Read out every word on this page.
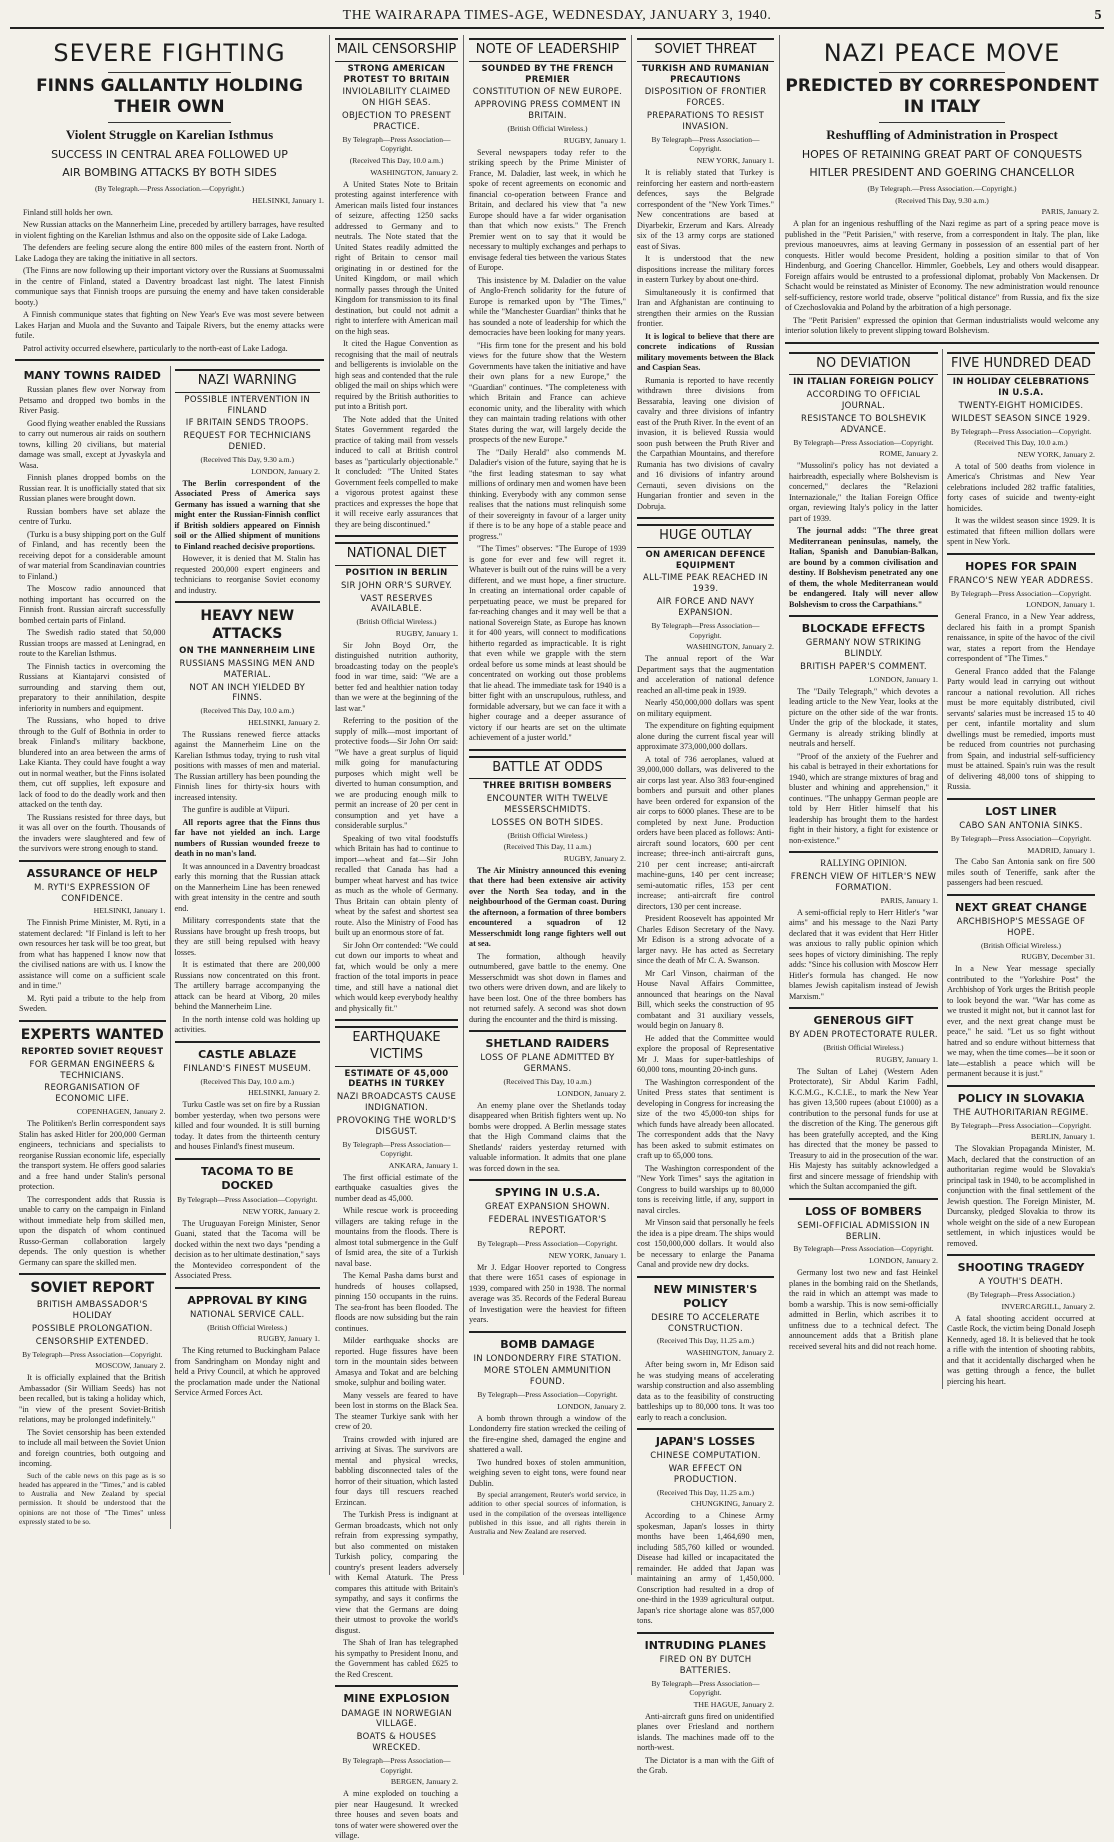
THE WAIRARAPA TIMES-AGE, WEDNESDAY, JANUARY 3, 1940.	5
SEVERE FIGHTING
FINNS GALLANTLY HOLDING THEIR OWN
Violent Struggle on Karelian Isthmus
SUCCESS IN CENTRAL AREA FOLLOWED UP
AIR BOMBING ATTACKS BY BOTH SIDES
(By Telegraph.—Press Association.—Copyright.)
HELSINKI, January 1.

Finland still holds her own.

New Russian attacks on the Mannerheim Line, preceded by artillery barrages, have resulted in violent fighting on the Karelian Isthmus and also on the opposite side of Lake Ladoga.

The defenders are feeling secure along the entire 800 miles of the eastern front. North of Lake Ladoga they are taking the initiative in all sectors.

(The Finns are now following up their important victory over the Russians at Suomussalmi in the centre of Finland, stated a Daventry broadcast last night. The latest Finnish communique says that Finnish troops are pursuing the enemy and have taken considerable booty.)

A Finnish communique states that fighting on New Year's Eve was most severe between Lakes Harjan and Muola and the Suvanto and Taipale Rivers, but the enemy attacks were futile.

Patrol activity occurred elsewhere, particularly to the north-east of Lake Ladoga.

MANY TOWNS RAIDED

Russian planes flew over Norway from Petsamo and dropped two bombs in the River Pasig.

Good flying weather enabled the Russians to carry out numerous air raids on southern towns, killing 20 civilians, but material damage was small, except at Jyvaskyla and Wasa.

Finnish planes dropped bombs on the Russian rear. It is unofficially stated that six Russian planes were brought down.

Russian bombers have set ablaze the centre of Turku.

(Turku is a busy shipping port on the Gulf of Finland, and has recently been the receiving depot for a considerable amount of war material from Scandinavian countries to Finland.)

The Moscow radio announced that nothing important has occurred on the Finnish front. Russian aircraft successfully bombed certain parts of Finland.

The Swedish radio stated that 50,000 Russian troops are massed at Leningrad, en route to the Karelian Isthmus.

The Finnish tactics in overcoming the Russians at Kiantajarvi consisted of surrounding and starving them out, preparatory to their annihilation, despite inferiority in numbers and equipment.

The Russians, who hoped to drive through to the Gulf of Bothnia in order to break Finland's military backbone, blundered into an area between the arms of Lake Kianta. They could have fought a way out in normal weather, but the Finns isolated them, cut off supplies, left exposure and lack of food to do the deadly work and then attacked on the tenth day.

The Russians resisted for three days, but it was all over on the fourth. Thousands of the invaders were slaughtered and few of the survivors were strong enough to stand.

ASSURANCE OF HELP
M. RYTI'S EXPRESSION OF CONFIDENCE.
HELSINKI, January 1.

The Finnish Prime Minister, M. Ryti, in a statement declared: "If Finland is left to her own resources her task will be too great, but from what has happened I know now that the civilised nations are with us. I know the assistance will come on a sufficient scale and in time."

M. Ryti paid a tribute to the help from Sweden.

EXPERTS WANTED
REPORTED SOVIET REQUEST
FOR GERMAN ENGINEERS & TECHNICIANS.
REORGANISATION OF ECONOMIC LIFE.
COPENHAGEN, January 2.

The Politiken's Berlin correspondent says Stalin has asked Hitler for 200,000 German engineers, technicians and specialists to reorganise Russian economic life, especially the transport system. He offers good salaries and a free hand under Stalin's personal protection.

The correspondent adds that Russia is unable to carry on the campaign in Finland without immediate help from skilled men, upon the dispatch of whom continued Russo-German collaboration largely depends. The only question is whether Germany can spare the skilled men.

SOVIET REPORT
BRITISH AMBASSADOR'S HOLIDAY
POSSIBLE PROLONGATION.
CENSORSHIP EXTENDED.
By Telegraph—Press Association—Copyright.
MOSCOW, January 2.

It is officially explained that the British Ambassador (Sir William Seeds) has not been recalled, but is taking a holiday which, "in view of the present Soviet-British relations, may be prolonged indefinitely."

The Soviet censorship has been extended to include all mail between the Soviet Union and foreign countries, both outgoing and incoming.

Such of the cable news on this page as is so headed has appeared in the "Times," and is cabled to Australia and New Zealand by special permission. It should be understood that the opinions are not those of "The Times" unless expressly stated to be so.

NAZI WARNING
POSSIBLE INTERVENTION IN FINLAND
IF BRITAIN SENDS TROOPS.
REQUEST FOR TECHNICIANS DENIED.
(Received This Day, 9.30 a.m.)
LONDON, January 2.

The Berlin correspondent of the Associated Press of America says Germany has issued a warning that she might enter the Russian-Finnish conflict if British soldiers appeared on Finnish soil or the Allied shipment of munitions to Finland reached decisive proportions.

However, it is denied that M. Stalin has requested 200,000 expert engineers and technicians to reorganise Soviet economy and industry.

HEAVY NEW ATTACKS
ON THE MANNERHEIM LINE
RUSSIANS MASSING MEN AND MATERIAL.
NOT AN INCH YIELDED BY FINNS.
(Received This Day, 10.0 a.m.)
HELSINKI, January 2.

The Russians renewed fierce attacks against the Mannerheim Line on the Karelian Isthmus today, trying to rush vital positions with masses of men and material. The Russian artillery has been pounding the Finnish lines for thirty-six hours with increased intensity.

The gunfire is audible at Viipuri.

All reports agree that the Finns thus far have not yielded an inch. Large numbers of Russian wounded freeze to death in no man's land.

It was announced in a Daventry broadcast early this morning that the Russian attack on the Mannerheim Line has been renewed with great intensity in the centre and south end.

Military correspondents state that the Russians have brought up fresh troops, but they are still being repulsed with heavy losses.

It is estimated that there are 200,000 Russians now concentrated on this front. The artillery barrage accompanying the attack can be heard at Viborg, 20 miles behind the Mannerheim Line.

In the north intense cold was holding up activities.

CASTLE ABLAZE
FINLAND'S FINEST MUSEUM.
(Received This Day, 10.0 a.m.)
HELSINKI, January 2.

Turku Castle was set on fire by a Russian bomber yesterday, when two persons were killed and four wounded. It is still burning today. It dates from the thirteenth century and houses Finland's finest museum.

TACOMA TO BE DOCKED
By Telegraph—Press Association—Copyright.
NEW YORK, January 2.

The Uruguayan Foreign Minister, Senor Guani, stated that the Tacoma will be docked within the next two days "pending a decision as to her ultimate destination," says the Montevideo correspondent of the Associated Press.

APPROVAL BY KING
NATIONAL SERVICE CALL.
(British Official Wireless.)
RUGBY, January 1.

The King returned to Buckingham Palace from Sandringham on Monday night and held a Privy Council, at which he approved the proclamation made under the National Service Armed Forces Act.

MAIL CENSORSHIP
STRONG AMERICAN PROTEST TO BRITAIN
INVIOLABILITY CLAIMED ON HIGH SEAS.
OBJECTION TO PRESENT PRACTICE.
By Telegraph—Press Association—Copyright.
(Received This Day, 10.0 a.m.)
WASHINGTON, January 2.

A United States Note to Britain protesting against interference with American mails listed four instances of seizure, affecting 1250 sacks addressed to Germany and to neutrals. The Note stated that the United States readily admitted the right of Britain to censor mail originating in or destined for the United Kingdom, or mail which normally passes through the United Kingdom for transmission to its final destination, but could not admit a right to interfere with American mail on the high seas.

It cited the Hague Convention as recognising that the mail of neutrals and belligerents is inviolable on the high seas and contended that the rule obliged the mail on ships which were required by the British authorities to put into a British port.

The Note added that the United States Government regarded the practice of taking mail from vessels induced to call at British control bases as "particularly objectionable." It concluded: "The United States Government feels compelled to make a vigorous protest against these practices and expresses the hope that it will receive early assurances that they are being discontinued."

NATIONAL DIET
POSITION IN BERLIN
SIR JOHN ORR'S SURVEY.
VAST RESERVES AVAILABLE.
(British Official Wireless.)
RUGBY, January 1.

Sir John Boyd Orr, the distinguished nutrition authority, broadcasting today on the people's food in war time, said: "We are a better fed and healthier nation today than we were at the beginning of the last war."

Referring to the position of the supply of milk—most important of protective foods—Sir John Orr said: "We have a great surplus of liquid milk going for manufacturing purposes which might well be diverted to human consumption, and we are producing enough milk to permit an increase of 20 per cent in consumption and yet have a considerable surplus."

Speaking of two vital foodstuffs which Britain has had to continue to import—wheat and fat—Sir John recalled that Canada has had a bumper wheat harvest and has twice as much as the whole of Germany. Thus Britain can obtain plenty of wheat by the safest and shortest sea route. Also the Ministry of Food has built up an enormous store of fat.

Sir John Orr contended: "We could cut down our imports to wheat and fat, which would be only a mere fraction of the total imports in peace time, and still have a national diet which would keep everybody healthy and physically fit."

EARTHQUAKE VICTIMS
ESTIMATE OF 45,000 DEATHS IN TURKEY
NAZI BROADCASTS CAUSE INDIGNATION.
PROVOKING THE WORLD'S DISGUST.
By Telegraph—Press Association—Copyright.
ANKARA, January 1.

The first official estimate of the earthquake casualties gives the number dead as 45,000.

While rescue work is proceeding villagers are taking refuge in the mountains from the floods. There is almost total submergence in the Gulf of Ismid area, the site of a Turkish naval base.

The Kemal Pasha dams burst and hundreds of houses collapsed, pinning 150 occupants in the ruins. The sea-front has been flooded. The floods are now subsiding but the rain continues.

Milder earthquake shocks are reported. Huge fissures have been torn in the mountain sides between Amasya and Tokat and are belching smoke, sulphur and boiling water.

Many vessels are feared to have been lost in storms on the Black Sea. The steamer Turkiye sank with her crew of 20.

Trains crowded with injured are arriving at Sivas. The survivors are mental and physical wrecks, babbling disconnected tales of the horror of their situation, which lasted four days till rescuers reached Erzincan.

The Turkish Press is indignant at German broadcasts, which not only refrain from expressing sympathy, but also commented on mistaken Turkish policy, comparing the country's present leaders adversely with Kemal Ataturk. The Press compares this attitude with Britain's sympathy, and says it confirms the view that the Germans are doing their utmost to provoke the world's disgust.

The Shah of Iran has telegraphed his sympathy to President Inonu, and the Government has cabled £625 to the Red Crescent.

MINE EXPLOSION
DAMAGE IN NORWEGIAN VILLAGE.
BOATS & HOUSES WRECKED.
By Telegraph—Press Association—Copyright.
BERGEN, January 2.

A mine exploded on touching a pier near Haugesund. It wrecked three houses and seven boats and tons of water were showered over the village.

NOTE OF LEADERSHIP
SOUNDED BY THE FRENCH PREMIER
CONSTITUTION OF NEW EUROPE.
APPROVING PRESS COMMENT IN BRITAIN.
(British Official Wireless.)
RUGBY, January 1.

Several newspapers today refer to the striking speech by the Prime Minister of France, M. Daladier, last week, in which he spoke of recent agreements on economic and financial co-operation between France and Britain, and declared his view that "a new Europe should have a far wider organisation than that which now exists." The French Premier went on to say that it would be necessary to multiply exchanges and perhaps to envisage federal ties between the various States of Europe.

This insistence by M. Daladier on the value of Anglo-French solidarity for the future of Europe is remarked upon by "The Times," while the "Manchester Guardian" thinks that he has sounded a note of leadership for which the democracies have been looking for many years.

"His firm tone for the present and his bold views for the future show that the Western Governments have taken the initiative and have their own plans for a new Europe," the "Guardian" continues. "The completeness with which Britain and France can achieve economic unity, and the liberality with which they can maintain trading relations with other States during the war, will largely decide the prospects of the new Europe."

The "Daily Herald" also commends M. Daladier's vision of the future, saying that he is "the first leading statesman to say what millions of ordinary men and women have been thinking. Everybody with any common sense realises that the nations must relinquish some of their sovereignty in favour of a larger unity if there is to be any hope of a stable peace and progress."

"The Times" observes: "The Europe of 1939 is gone for ever and few will regret it. Whatever is built out of the ruins will be a very different, and we must hope, a finer structure. In creating an international order capable of perpetuating peace, we must be prepared for far-reaching changes and it may well be that a national Sovereign State, as Europe has known it for 400 years, will connect to modifications hitherto regarded as impracticable. It is right that even while we grapple with the stern ordeal before us some minds at least should be concentrated on working out those problems that lie ahead. The immediate task for 1940 is a bitter fight with an unscrupulous, ruthless, and formidable adversary, but we can face it with a higher courage and a deeper assurance of victory if our hearts are set on the ultimate achievement of a juster world."

BATTLE AT ODDS
THREE BRITISH BOMBERS
ENCOUNTER WITH TWELVE MESSERSCHMIDTS.
LOSSES ON BOTH SIDES.
(British Official Wireless.)
(Received This Day, 11 a.m.)
RUGBY, January 2.

The Air Ministry announced this evening that there had been extensive air activity over the North Sea today, and in the neighbourhood of the German coast. During the afternoon, a formation of three bombers encountered a squadron of 12 Messerschmidt long range fighters well out at sea.

The formation, although heavily outnumbered, gave battle to the enemy. One Messerschmidt was shot down in flames and two others were driven down, and are likely to have been lost. One of the three bombers has not returned safely. A second was shot down during the encounter and the third is missing.

SHETLAND RAIDERS
LOSS OF PLANE ADMITTED BY GERMANS.
(Received This Day, 10 a.m.)
LONDON, January 2.

An enemy plane over the Shetlands today disappeared when British fighters went up. No bombs were dropped. A Berlin message states that the High Command claims that the Shetlands' raiders yesterday returned with valuable information. It admits that one plane was forced down in the sea.

SPYING IN U.S.A.
GREAT EXPANSION SHOWN.
FEDERAL INVESTIGATOR'S REPORT.
By Telegraph—Press Association—Copyright.
NEW YORK, January 1.

Mr J. Edgar Hoover reported to Congress that there were 1651 cases of espionage in 1939, compared with 250 in 1938. The normal average was 35. Records of the Federal Bureau of Investigation were the heaviest for fifteen years.

BOMB DAMAGE
IN LONDONDERRY FIRE STATION.
MORE STOLEN AMMUNITION FOUND.
By Telegraph—Press Association—Copyright.
LONDON, January 2.

A bomb thrown through a window of the Londonderry fire station wrecked the ceiling of the fire-engine shed, damaged the engine and shattered a wall.

Two hundred boxes of stolen ammunition, weighing seven to eight tons, were found near Dublin.

By special arrangement, Reuter's world service, in addition to other special sources of information, is used in the compilation of the overseas intelligence published in this issue, and all rights therein in Australia and New Zealand are reserved.

SOVIET THREAT
TURKISH AND RUMANIAN PRECAUTIONS
DISPOSITION OF FRONTIER FORCES.
PREPARATIONS TO RESIST INVASION.
By Telegraph—Press Association—Copyright.
NEW YORK, January 1.

It is reliably stated that Turkey is reinforcing her eastern and north-eastern defences, says the Belgrade correspondent of the "New York Times." New concentrations are based at Diyarbekir, Erzerum and Kars. Already six of the 13 army corps are stationed east of Sivas.

It is understood that the new dispositions increase the military forces in eastern Turkey by about one-third.

Simultaneously it is confirmed that Iran and Afghanistan are continuing to strengthen their armies on the Russian frontier.

It is logical to believe that there are concrete indications of Russian military movements between the Black and Caspian Seas.

Rumania is reported to have recently withdrawn three divisions from Bessarabia, leaving one division of cavalry and three divisions of infantry east of the Pruth River. In the event of an invasion, it is believed Russia would soon push between the Pruth River and the Carpathian Mountains, and therefore Rumania has two divisions of cavalry and 16 divisions of infantry around Cernauti, seven divisions on the Hungarian frontier and seven in the Dobruja.

HUGE OUTLAY
ON AMERICAN DEFENCE EQUIPMENT
ALL-TIME PEAK REACHED IN 1939.
AIR FORCE AND NAVY EXPANSION.
By Telegraph—Press Association—Copyright.
WASHINGTON, January 2.

The annual report of the War Department says that the augmentation and acceleration of national defence reached an all-time peak in 1939.

Nearly 450,000,000 dollars was spent on military equipment.

The expenditure on fighting equipment alone during the current fiscal year will approximate 373,000,000 dollars.

A total of 736 aeroplanes, valued at 39,000,000 dollars, was delivered to the air corps last year. Also 383 four-engined bombers and pursuit and other planes have been ordered for expansion of the air corps to 6000 planes. These are to be completed by next June. Production orders have been placed as follows: Anti-aircraft sound locators, 600 per cent increase; three-inch anti-aircraft guns, 210 per cent increase; anti-aircraft machine-guns, 140 per cent increase; semi-automatic rifles, 153 per cent increase; anti-aircraft fire control directors, 130 per cent increase.

President Roosevelt has appointed Mr Charles Edison Secretary of the Navy. Mr Edison is a strong advocate of a larger navy. He has acted as Secretary since the death of Mr C. A. Swanson.

Mr Carl Vinson, chairman of the House Naval Affairs Committee, announced that hearings on the Naval Bill, which seeks the construction of 95 combatant and 31 auxiliary vessels, would begin on January 8.

He added that the Committee would explore the proposal of Representative Mr J. Maas for super-battleships of 60,000 tons, mounting 20-inch guns.

The Washington correspondent of the United Press states that sentiment is developing in Congress for increasing the size of the two 45,000-ton ships for which funds have already been allocated. The correspondent adds that the Navy has been asked to submit estimates on craft up to 65,000 tons.

The Washington correspondent of the "New York Times" says the agitation in Congress to build warships up to 80,000 tons is receiving little, if any, support in naval circles.

Mr Vinson said that personally he feels the idea is a pipe dream. The ships would cost 150,000,000 dollars. It would also be necessary to enlarge the Panama Canal and provide new dry docks.

NEW MINISTER'S POLICY
DESIRE TO ACCELERATE CONSTRUCTION.
(Received This Day, 11.25 a.m.)
WASHINGTON, January 2.

After being sworn in, Mr Edison said he was studying means of accelerating warship construction and also assembling data as to the feasibility of constructing battleships up to 80,000 tons. It was too early to reach a conclusion.

JAPAN'S LOSSES
CHINESE COMPUTATION.
WAR EFFECT ON PRODUCTION.
(Received This Day, 11.25 a.m.)
CHUNGKING, January 2.

According to a Chinese Army spokesman, Japan's losses in thirty months have been 1,464,690 men, including 585,760 killed or wounded. Disease had killed or incapacitated the remainder. He added that Japan was maintaining an army of 1,450,000. Conscription had resulted in a drop of one-third in the 1939 agricultural output. Japan's rice shortage alone was 857,000 tons.

INTRUDING PLANES
FIRED ON BY DUTCH BATTERIES.
By Telegraph—Press Association—Copyright.
THE HAGUE, January 2.

Anti-aircraft guns fired on unidentified planes over Friesland and northern islands. The machines made off to the north-west.

The Dictator is a man with the Gift of the Grab.

NAZI PEACE MOVE
PREDICTED BY CORRESPONDENT IN ITALY
Reshuffling of Administration in Prospect
HOPES OF RETAINING GREAT PART OF CONQUESTS
HITLER PRESIDENT AND GOERING CHANCELLOR
(By Telegraph.—Press Association.—Copyright.)
(Received This Day, 9.30 a.m.)
PARIS, January 2.

A plan for an ingenious reshuffling of the Nazi regime as part of a spring peace move is published in the "Petit Parisien," with reserve, from a correspondent in Italy. The plan, like previous manoeuvres, aims at leaving Germany in possession of an essential part of her conquests. Hitler would become President, holding a position similar to that of Von Hindenburg, and Goering Chancellor. Himmler, Goebbels, Ley and others would disappear. Foreign affairs would be entrusted to a professional diplomat, probably Von Mackensen. Dr Schacht would be reinstated as Minister of Economy. The new administration would renounce self-sufficiency, restore world trade, observe "political distance" from Russia, and fix the size of Czechoslovakia and Poland by the arbitration of a high personage.

The "Petit Parisien" expressed the opinion that German industrialists would welcome any interior solution likely to prevent slipping toward Bolshevism.

NO DEVIATION
IN ITALIAN FOREIGN POLICY
ACCORDING TO OFFICIAL JOURNAL.
RESISTANCE TO BOLSHEVIK ADVANCE.
By Telegraph—Press Association—Copyright.
ROME, January 2.

"Mussolini's policy has not deviated a hairbreadth, especially where Bolshevism is concerned," declares the "Relazioni Internazionale," the Italian Foreign Office organ, reviewing Italy's policy in the latter part of 1939.

The journal adds: "The three great Mediterranean peninsulas, namely, the Italian, Spanish and Danubian-Balkan, are bound by a common civilisation and destiny. If Bolshevism penetrated any one of them, the whole Mediterranean would be endangered. Italy will never allow Bolshevism to cross the Carpathians."

BLOCKADE EFFECTS
GERMANY NOW STRIKING BLINDLY.
BRITISH PAPER'S COMMENT.
LONDON, January 1.

The "Daily Telegraph," which devotes a leading article to the New Year, looks at the picture on the other side of the war fronts. Under the grip of the blockade, it states, Germany is already striking blindly at neutrals and herself.

"Proof of the anxiety of the Fuehrer and his cabal is betrayed in their exhortations for 1940, which are strange mixtures of brag and bluster and whining and apprehension," it continues. "The unhappy German people are told by Herr Hitler himself that his leadership has brought them to the hardest fight in their history, a fight for existence or non-existence."

RALLYING OPINION.
FRENCH VIEW OF HITLER'S NEW FORMATION.
PARIS, January 1.

A semi-official reply to Herr Hitler's "war aims" and his message to the Nazi Party declared that it was evident that Herr Hitler was anxious to rally public opinion which sees hopes of victory diminishing. The reply adds: "Since his collusion with Moscow Herr Hitler's formula has changed. He now blames Jewish capitalism instead of Jewish Marxism."

GENEROUS GIFT
BY ADEN PROTECTORATE RULER.
(British Official Wireless.)
RUGBY, January 1.

The Sultan of Lahej (Western Aden Protectorate), Sir Abdul Karim Fadhl, K.C.M.G., K.C.I.E., to mark the New Year has given 13,500 rupees (about £1000) as a contribution to the personal funds for use at the discretion of the King. The generous gift has been gratefully accepted, and the King has directed that the money be passed to Treasury to aid in the prosecution of the war. His Majesty has suitably acknowledged a first and sincere message of friendship with which the Sultan accompanied the gift.

LOSS OF BOMBERS
SEMI-OFFICIAL ADMISSION IN BERLIN.
By Telegraph—Press Association—Copyright.
LONDON, January 2.

Germany lost two new and fast Heinkel planes in the bombing raid on the Shetlands, the raid in which an attempt was made to bomb a warship. This is now semi-officially admitted in Berlin, which ascribes it to unfitness due to a technical defect. The announcement adds that a British plane received several hits and did not reach home.

FIVE HUNDRED DEAD
IN HOLIDAY CELEBRATIONS IN U.S.A.
TWENTY-EIGHT HOMICIDES.
WILDEST SEASON SINCE 1929.
By Telegraph—Press Association—Copyright.
(Received This Day, 10.0 a.m.)
NEW YORK, January 2.

A total of 500 deaths from violence in America's Christmas and New Year celebrations included 282 traffic fatalities, forty cases of suicide and twenty-eight homicides.

It was the wildest season since 1929. It is estimated that fifteen million dollars were spent in New York.

HOPES FOR SPAIN
FRANCO'S NEW YEAR ADDRESS.
By Telegraph—Press Association—Copyright.
LONDON, January 1.

General Franco, in a New Year address, declared his faith in a prompt Spanish renaissance, in spite of the havoc of the civil war, states a report from the Hendaye correspondent of "The Times."

General Franco added that the Falange Party would lead in carrying out without rancour a national revolution. All riches must be more equitably distributed, civil servants' salaries must be increased 15 to 40 per cent, infantile mortality and slum dwellings must be remedied, imports must be reduced from countries not purchasing from Spain, and industrial self-sufficiency must be attained. Spain's ruin was the result of delivering 48,000 tons of shipping to Russia.

LOST LINER
CABO SAN ANTONIA SINKS.
By Telegraph—Press Association—Copyright.
MADRID, January 1.

The Cabo San Antonia sank on fire 500 miles south of Teneriffe, sank after the passengers had been rescued.

NEXT GREAT CHANGE
ARCHBISHOP'S MESSAGE OF HOPE.
(British Official Wireless.)
RUGBY, December 31.

In a New Year message specially contributed to the "Yorkshire Post" the Archbishop of York urges the British people to look beyond the war. "War has come as we trusted it might not, but it cannot last for ever, and the next great change must be peace," he said. "Let us so fight without hatred and so endure without bitterness that we may, when the time comes—be it soon or late—establish a peace which will be permanent because it is just."

POLICY IN SLOVAKIA
THE AUTHORITARIAN REGIME.
By Telegraph—Press Association—Copyright.
BERLIN, January 1.

The Slovakian Propaganda Minister, M. Mach, declared that the construction of an authoritarian regime would be Slovakia's principal task in 1940, to be accomplished in conjunction with the final settlement of the Jewish question. The Foreign Minister, M. Durcansky, pledged Slovakia to throw its whole weight on the side of a new European settlement, in which injustices would be removed.

SHOOTING TRAGEDY
A YOUTH'S DEATH.
(By Telegraph—Press Association.)
INVERCARGILL, January 2.

A fatal shooting accident occurred at Castle Rock, the victim being Donald Joseph Kennedy, aged 18. It is believed that he took a rifle with the intention of shooting rabbits, and that it accidentally discharged when he was getting through a fence, the bullet piercing his heart.
